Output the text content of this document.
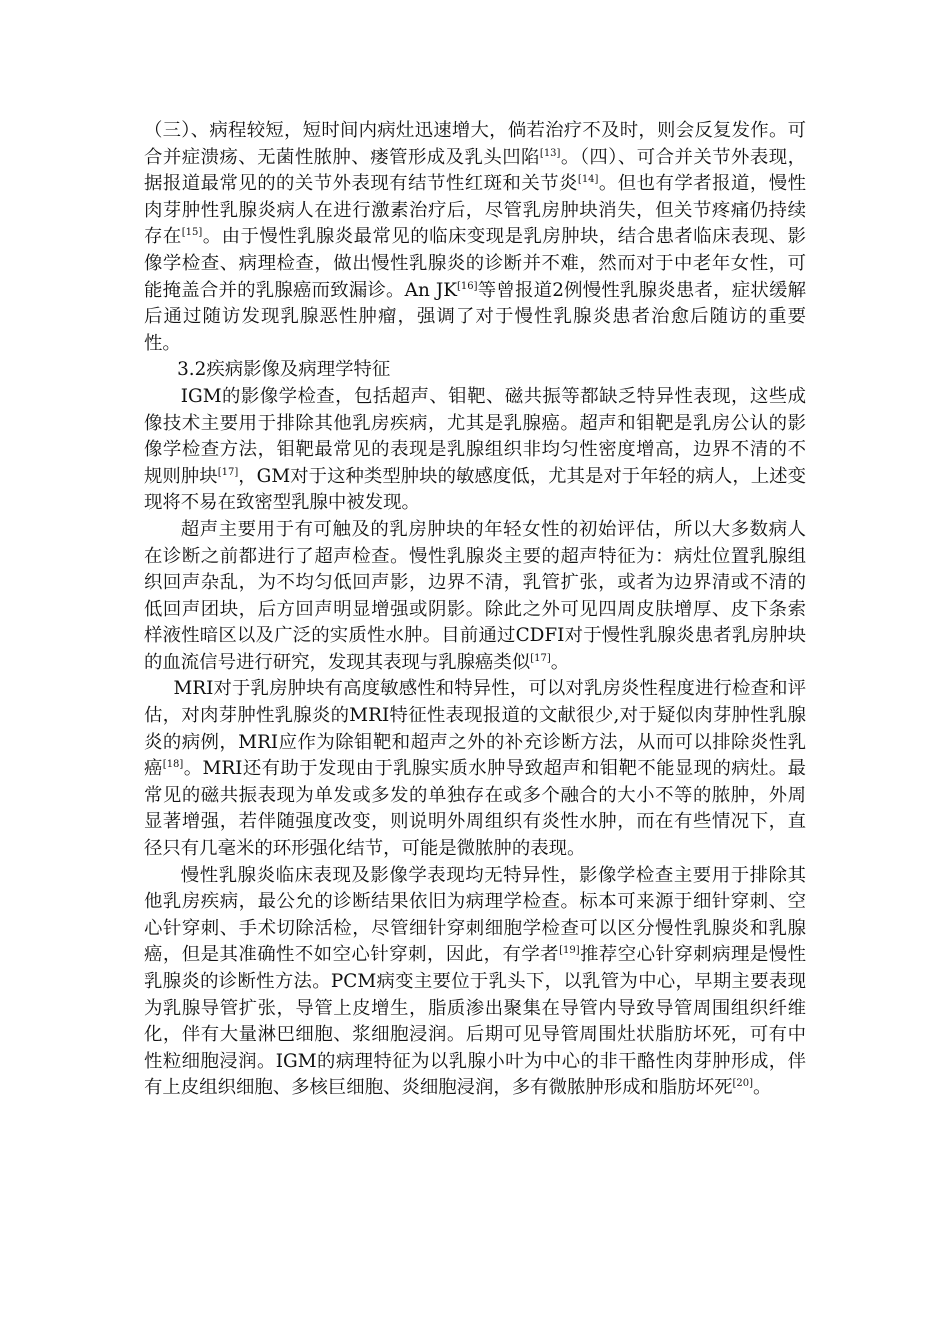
（三）、病程较短，短时间内病灶迅速增大，倘若治疗不及时，则会反复发作。可合并症溃疡、无菌性脓肿、瘘管形成及乳头凹陷[13]。（四）、可合并关节外表现，据报道最常见的的关节外表现有结节性红斑和关节炎[14]。但也有学者报道，慢性肉芽肿性乳腺炎病人在进行激素治疗后，尽管乳房肿块消失，但关节疼痛仍持续存在[15]。由于慢性乳腺炎最常见的临床变现是乳房肿块，结合患者临床表现、影像学检查、病理检查，做出慢性乳腺炎的诊断并不难，然而对于中老年女性，可能掩盖合并的乳腺癌而致漏诊。An JK[16]等曾报道2例慢性乳腺炎患者，症状缓解后通过随访发现乳腺恶性肿瘤，强调了对于慢性乳腺炎患者治愈后随访的重要性。

3.2疾病影像及病理学特征

IGM的影像学检查，包括超声、钼靶、磁共振等都缺乏特异性表现，这些成像技术主要用于排除其他乳房疾病，尤其是乳腺癌。超声和钼靶是乳房公认的影像学检查方法，钼靶最常见的表现是乳腺组织非均匀性密度增高，边界不清的不规则肿块[17]，GM对于这种类型肿块的敏感度低，尤其是对于年轻的病人，上述变现将不易在致密型乳腺中被发现。

超声主要用于有可触及的乳房肿块的年轻女性的初始评估，所以大多数病人在诊断之前都进行了超声检查。慢性乳腺炎主要的超声特征为：病灶位置乳腺组织回声杂乱，为不均匀低回声影，边界不清，乳管扩张，或者为边界清或不清的低回声团块，后方回声明显增强或阴影。除此之外可见四周皮肤增厚、皮下条索样液性暗区以及广泛的实质性水肿。目前通过CDFI对于慢性乳腺炎患者乳房肿块的血流信号进行研究，发现其表现与乳腺癌类似[17]。

MRI对于乳房肿块有高度敏感性和特异性，可以对乳房炎性程度进行检查和评估，对肉芽肿性乳腺炎的MRI特征性表现报道的文献很少,对于疑似肉芽肿性乳腺炎的病例，MRI应作为除钼靶和超声之外的补充诊断方法，从而可以排除炎性乳癌[18]。MRI还有助于发现由于乳腺实质水肿导致超声和钼靶不能显现的病灶。最常见的磁共振表现为单发或多发的单独存在或多个融合的大小不等的脓肿，外周显著增强，若伴随强度改变，则说明外周组织有炎性水肿，而在有些情况下，直径只有几毫米的环形强化结节，可能是微脓肿的表现。

慢性乳腺炎临床表现及影像学表现均无特异性，影像学检查主要用于排除其他乳房疾病，最公允的诊断结果依旧为病理学检查。标本可来源于细针穿刺、空心针穿刺、手术切除活检，尽管细针穿刺细胞学检查可以区分慢性乳腺炎和乳腺癌，但是其准确性不如空心针穿刺，因此，有学者[19]推荐空心针穿刺病理是慢性乳腺炎的诊断性方法。PCM病变主要位于乳头下，以乳管为中心，早期主要表现为乳腺导管扩张，导管上皮增生，脂质渗出聚集在导管内导致导管周围组织纤维化，伴有大量淋巴细胞、浆细胞浸润。后期可见导管周围灶状脂肪坏死，可有中性粒细胞浸润。IGM的病理特征为以乳腺小叶为中心的非干酪性肉芽肿形成，伴有上皮组织细胞、多核巨细胞、炎细胞浸润，多有微脓肿形成和脂肪坏死[20]。
